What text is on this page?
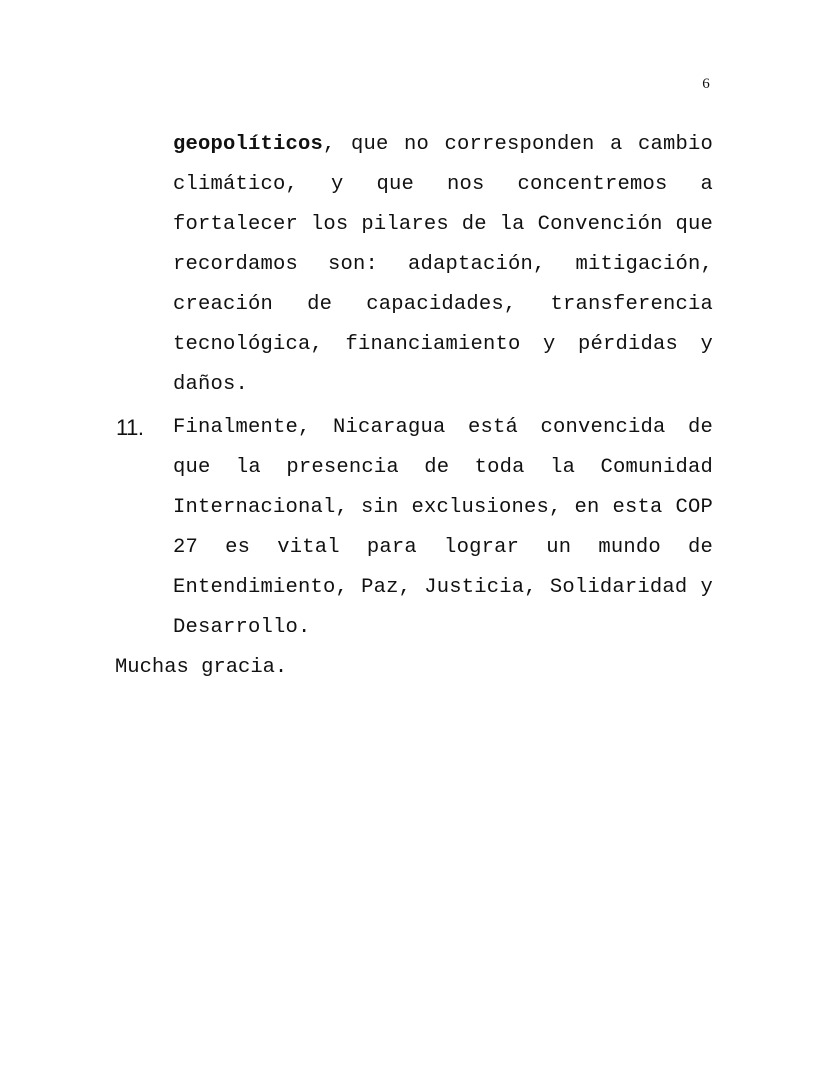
6
geopolíticos, que no corresponden a cambio climático, y que nos concentremos a fortalecer los pilares de la Convención que recordamos son: adaptación, mitigación, creación de capacidades, transferencia tecnológica, financiamiento y pérdidas y daños.
11. Finalmente, Nicaragua está convencida de que la presencia de toda la Comunidad Internacional, sin exclusiones, en esta COP 27 es vital para lograr un mundo de Entendimiento, Paz, Justicia, Solidaridad y Desarrollo.
Muchas gracia.
